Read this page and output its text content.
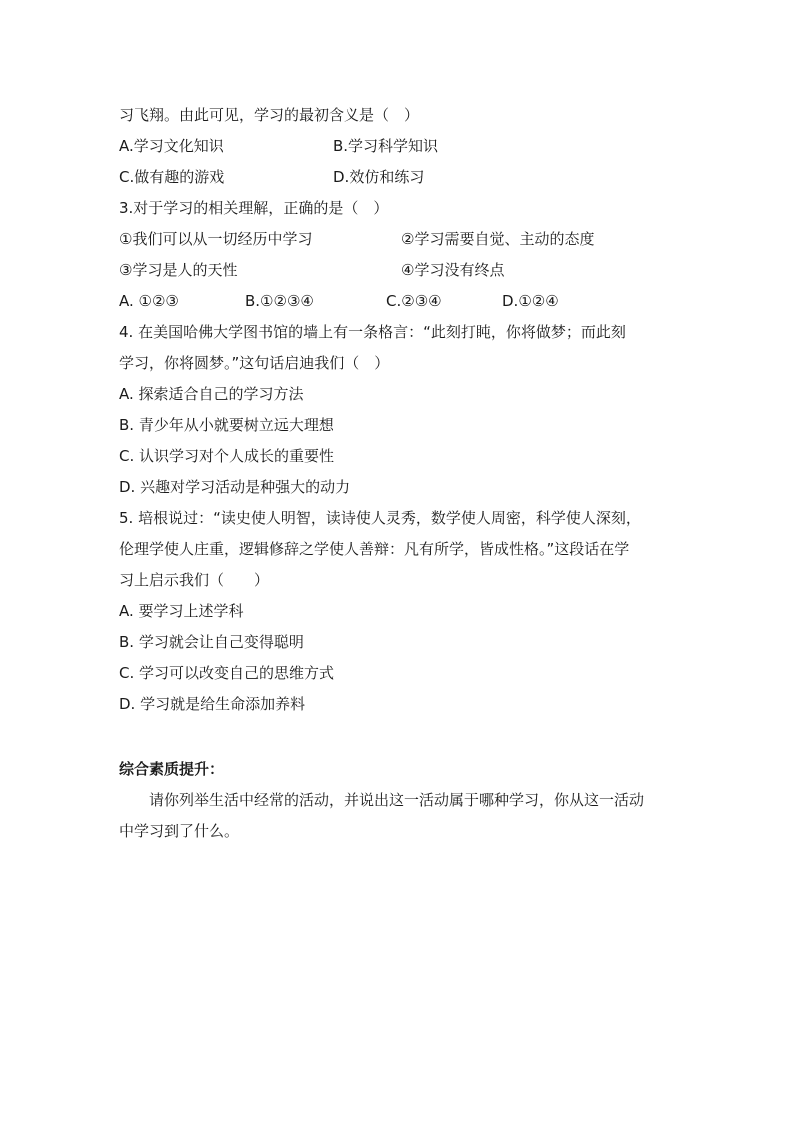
习飞翔。由此可见，学习的最初含义是（　）
A.学习文化知识	B.学习科学知识
C.做有趣的游戏	D.效仿和练习
3.对于学习的相关理解，正确的是（　）
①我们可以从一切经历中学习	②学习需要自觉、主动的态度
③学习是人的天性	④学习没有终点
A. ①②③	B.①②③④	C.②③④	D.①②④
4. 在美国哈佛大学图书馆的墙上有一条格言：“此刻打盹，你将做梦；而此刻
学习，你将圆梦。”这句话启迪我们（　）
A. 探索适合自己的学习方法
B. 青少年从小就要树立远大理想
C. 认识学习对个人成长的重要性
D. 兴趣对学习活动是种强大的动力
5. 培根说过：“读史使人明智，读诗使人灵秀，数学使人周密，科学使人深刻，
伦理学使人庄重，逻辑修辞之学使人善辩：凡有所学，皆成性格。”这段话在学
习上启示我们（　　）
A. 要学习上述学科
B. 学习就会让自己变得聪明
C. 学习可以改变自己的思维方式
D. 学习就是给生命添加养料
综合素质提升：
请你列举生活中经常的活动，并说出这一活动属于哪种学习，你从这一活动
中学习到了什么。
